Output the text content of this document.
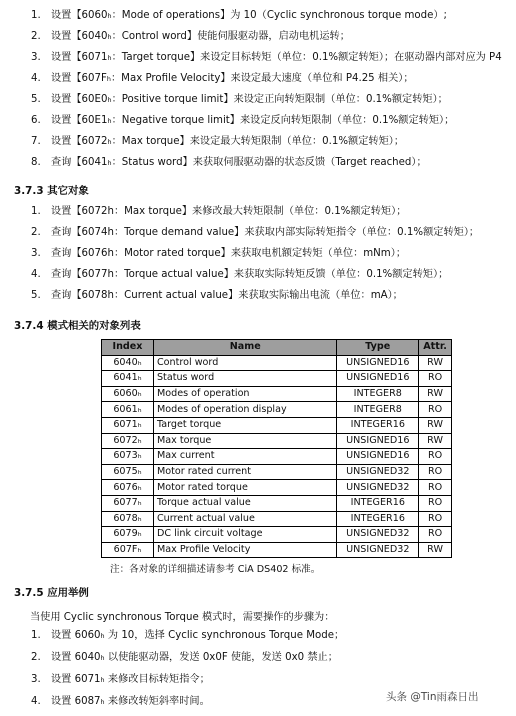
1.	设置【6060ₕ：Mode of operations】为 10（Cyclic synchronous torque mode）;
2.	设置【6040ₕ：Control word】使能伺服驱动器，启动电机运转；
3.	设置【6071ₕ：Target torque】来设定目标转矩（单位：0.1%额定转矩）；在驱动器内部对应为 P4
4.	设置【607Fₕ：Max Profile Velocity】来设定最大速度（单位和 P4.25 相关）；
5.	设置【60E0ₕ：Positive torque limit】来设定正向转矩限制（单位：0.1%额定转矩）；
6.	设置【60E1ₕ：Negative torque limit】来设定反向转矩限制（单位：0.1%额定转矩）；
7.	设置【6072ₕ：Max torque】来设定最大转矩限制（单位：0.1%额定转矩）；
8.	查询【6041ₕ：Status word】来获取伺服驱动器的状态反馈（Target reached）；
3.7.3 其它对象
1.	设置【6072h：Max torque】来修改最大转矩限制（单位：0.1%额定转矩）；
2.	查询【6074h：Torque demand value】来获取内部实际转矩指令（单位：0.1%额定转矩）；
3.	查询【6076h：Motor rated torque】来获取电机额定转矩（单位：mNm）；
4.	查询【6077h：Torque actual value】来获取实际转矩反馈（单位：0.1%额定转矩）；
5.	查询【6078h：Current actual value】来获取实际输出电流（单位：mA）；
3.7.4 模式相关的对象列表
Index	Name	Type	Attr.
6040ₕ	Control word	UNSIGNED16	RW
6041ₕ	Status word	UNSIGNED16	RO
6060ₕ	Modes of operation	INTEGER8	RW
6061ₕ	Modes of operation display	INTEGER8	RO
6071ₕ	Target torque	INTEGER16	RW
6072ₕ	Max torque	UNSIGNED16	RW
6073ₕ	Max current	UNSIGNED16	RO
6075ₕ	Motor rated current	UNSIGNED32	RO
6076ₕ	Motor rated torque	UNSIGNED32	RO
6077ₕ	Torque actual value	INTEGER16	RO
6078ₕ	Current actual value	INTEGER16	RO
6079ₕ	DC link circuit voltage	UNSIGNED32	RO
607Fₕ	Max Profile Velocity	UNSIGNED32	RW
注：各对象的详细描述请参考 CiA DS402 标准。
3.7.5 应用举例
当使用 Cyclic synchronous Torque 模式时，需要操作的步骤为：
1.	设置 6060ₕ 为 10，选择 Cyclic synchronous Torque Mode；
2.	设置 6040ₕ 以使能驱动器，发送 0x0F 使能，发送 0x0 禁止；
3.	设置 6071ₕ 来修改目标转矩指令；
4.	设置 6087ₕ 来修改转矩斜率时间。	头条 @Tin雨森日出
